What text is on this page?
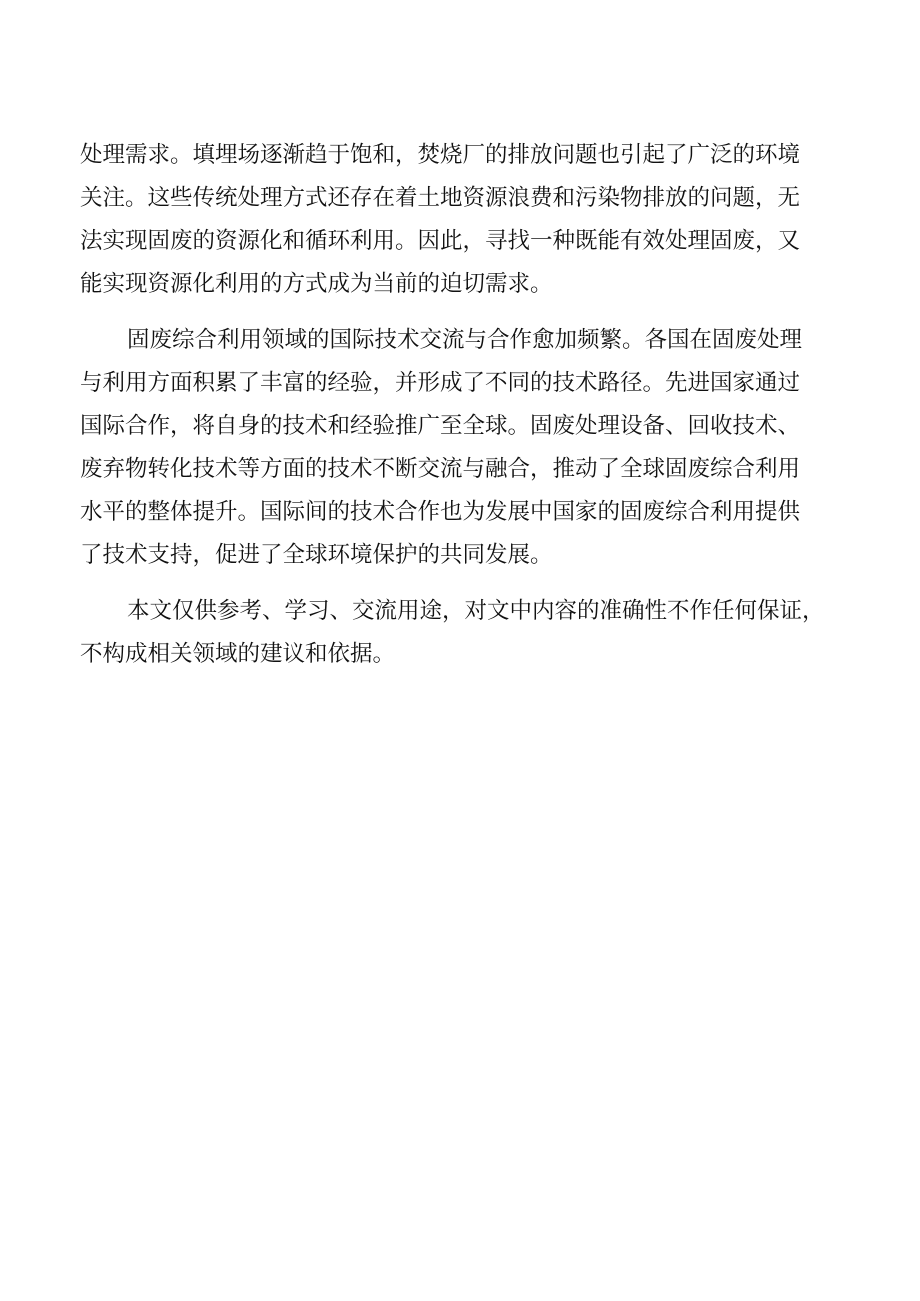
处理需求。填埋场逐渐趋于饱和，焚烧厂的排放问题也引起了广泛的环境
关注。这些传统处理方式还存在着土地资源浪费和污染物排放的问题，无
法实现固废的资源化和循环利用。因此，寻找一种既能有效处理固废，又
能实现资源化利用的方式成为当前的迫切需求。
固废综合利用领域的国际技术交流与合作愈加频繁。各国在固废处理
与利用方面积累了丰富的经验，并形成了不同的技术路径。先进国家通过
国际合作，将自身的技术和经验推广至全球。固废处理设备、回收技术、
废弃物转化技术等方面的技术不断交流与融合，推动了全球固废综合利用
水平的整体提升。国际间的技术合作也为发展中国家的固废综合利用提供
了技术支持，促进了全球环境保护的共同发展。
本文仅供参考、学习、交流用途，对文中内容的准确性不作任何保证，
不构成相关领域的建议和依据。
